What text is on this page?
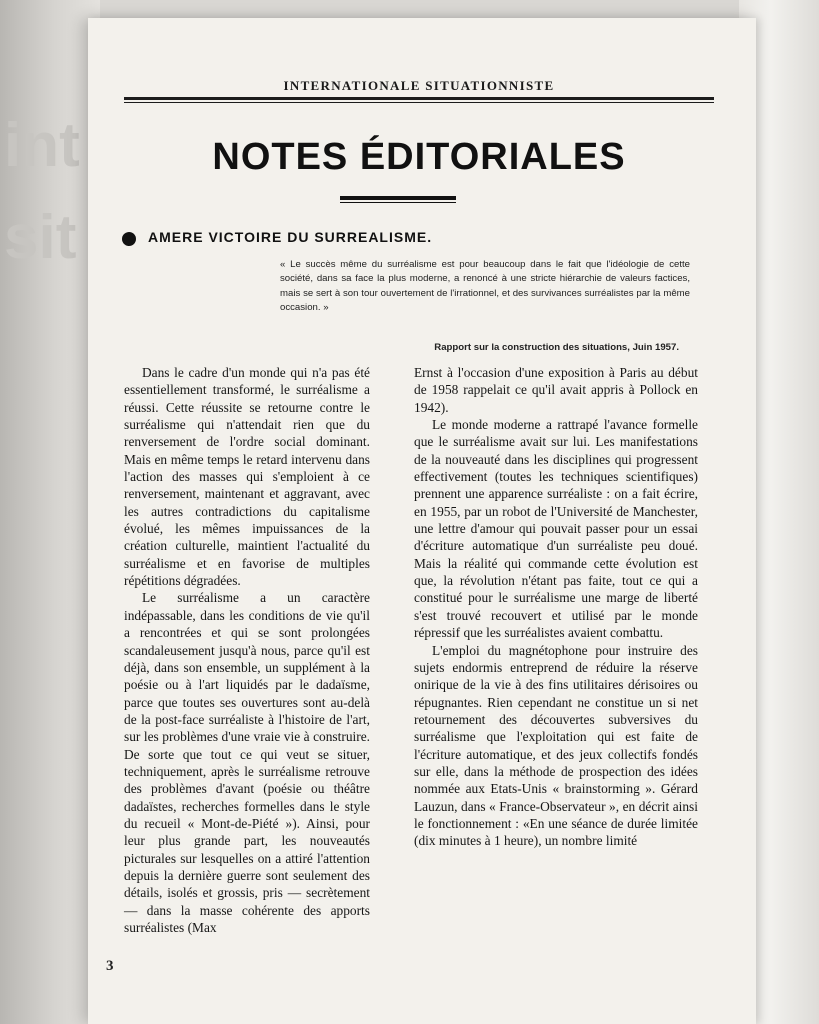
int
sit
INTERNATIONALE SITUATIONNISTE
NOTES ÉDITORIALES
AMERE VICTOIRE DU SURREALISME.
« Le succès même du surréalisme est pour beaucoup dans le fait que l'idéologie de cette société, dans sa face la plus moderne, a renoncé à une stricte hiérarchie de valeurs factices, mais se sert à son tour ouvertement de l'irrationnel, et des survivances surréalistes par la même occasion. »
Rapport sur la construction des situations, Juin 1957.

Dans le cadre d'un monde qui n'a pas été essentiellement transformé, le surréalisme a réussi. Cette réussite se retourne contre le surréalisme qui n'attendait rien que du renversement de l'ordre social dominant. Mais en même temps le retard intervenu dans l'action des masses qui s'emploient à ce renversement, maintenant et aggravant, avec les autres contradictions du capitalisme évolué, les mêmes impuissances de la création culturelle, maintient l'actualité du surréalisme et en favorise de multiples répétitions dégradées.

Le surréalisme a un caractère indépassable, dans les conditions de vie qu'il a rencontrées et qui se sont prolongées scandaleusement jusqu'à nous, parce qu'il est déjà, dans son ensemble, un supplément à la poésie ou à l'art liquidés par le dadaïsme, parce que toutes ses ouvertures sont au-delà de la post-face surréaliste à l'histoire de l'art, sur les problèmes d'une vraie vie à construire. De sorte que tout ce qui veut se situer, techniquement, après le surréalisme retrouve des problèmes d'avant (poésie ou théâtre dadaïstes, recherches formelles dans le style du recueil « Mont-de-Piété »). Ainsi, pour leur plus grande part, les nouveautés picturales sur lesquelles on a attiré l'attention depuis la dernière guerre sont seulement des détails, isolés et grossis, pris — secrètement — dans la masse cohérente des apports surréalistes (Max

Ernst à l'occasion d'une exposition à Paris au début de 1958 rappelait ce qu'il avait appris à Pollock en 1942).

Le monde moderne a rattrapé l'avance formelle que le surréalisme avait sur lui. Les manifestations de la nouveauté dans les disciplines qui progressent effectivement (toutes les techniques scientifiques) prennent une apparence surréaliste : on a fait écrire, en 1955, par un robot de l'Université de Manchester, une lettre d'amour qui pouvait passer pour un essai d'écriture automatique d'un surréaliste peu doué. Mais la réalité qui commande cette évolution est que, la révolution n'étant pas faite, tout ce qui a constitué pour le surréalisme une marge de liberté s'est trouvé recouvert et utilisé par le monde répressif que les surréalistes avaient combattu.

L'emploi du magnétophone pour instruire des sujets endormis entreprend de réduire la réserve onirique de la vie à des fins utilitaires dérisoires ou répugnantes. Rien cependant ne constitue un si net retournement des découvertes subversives du surréalisme que l'exploitation qui est faite de l'écriture automatique, et des jeux collectifs fondés sur elle, dans la méthode de prospection des idées nommée aux Etats-Unis « brainstorming ». Gérard Lauzun, dans « France-Observateur », en décrit ainsi le fonctionnement : «En une séance de durée limitée (dix minutes à 1 heure), un nombre limité

3
